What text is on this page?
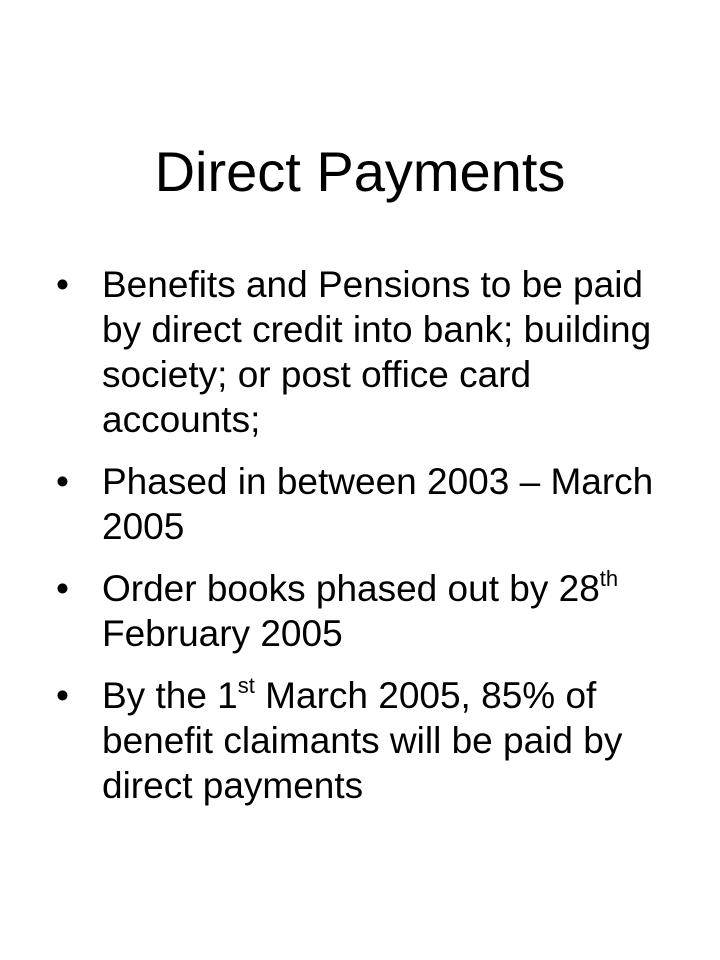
Direct Payments
• Benefits and Pensions to be paid by direct credit into bank; building society; or post office card accounts;
• Phased in between 2003 – March 2005
• Order books phased out by 28th February 2005
• By the 1st March 2005, 85% of benefit claimants will be paid by direct payments
